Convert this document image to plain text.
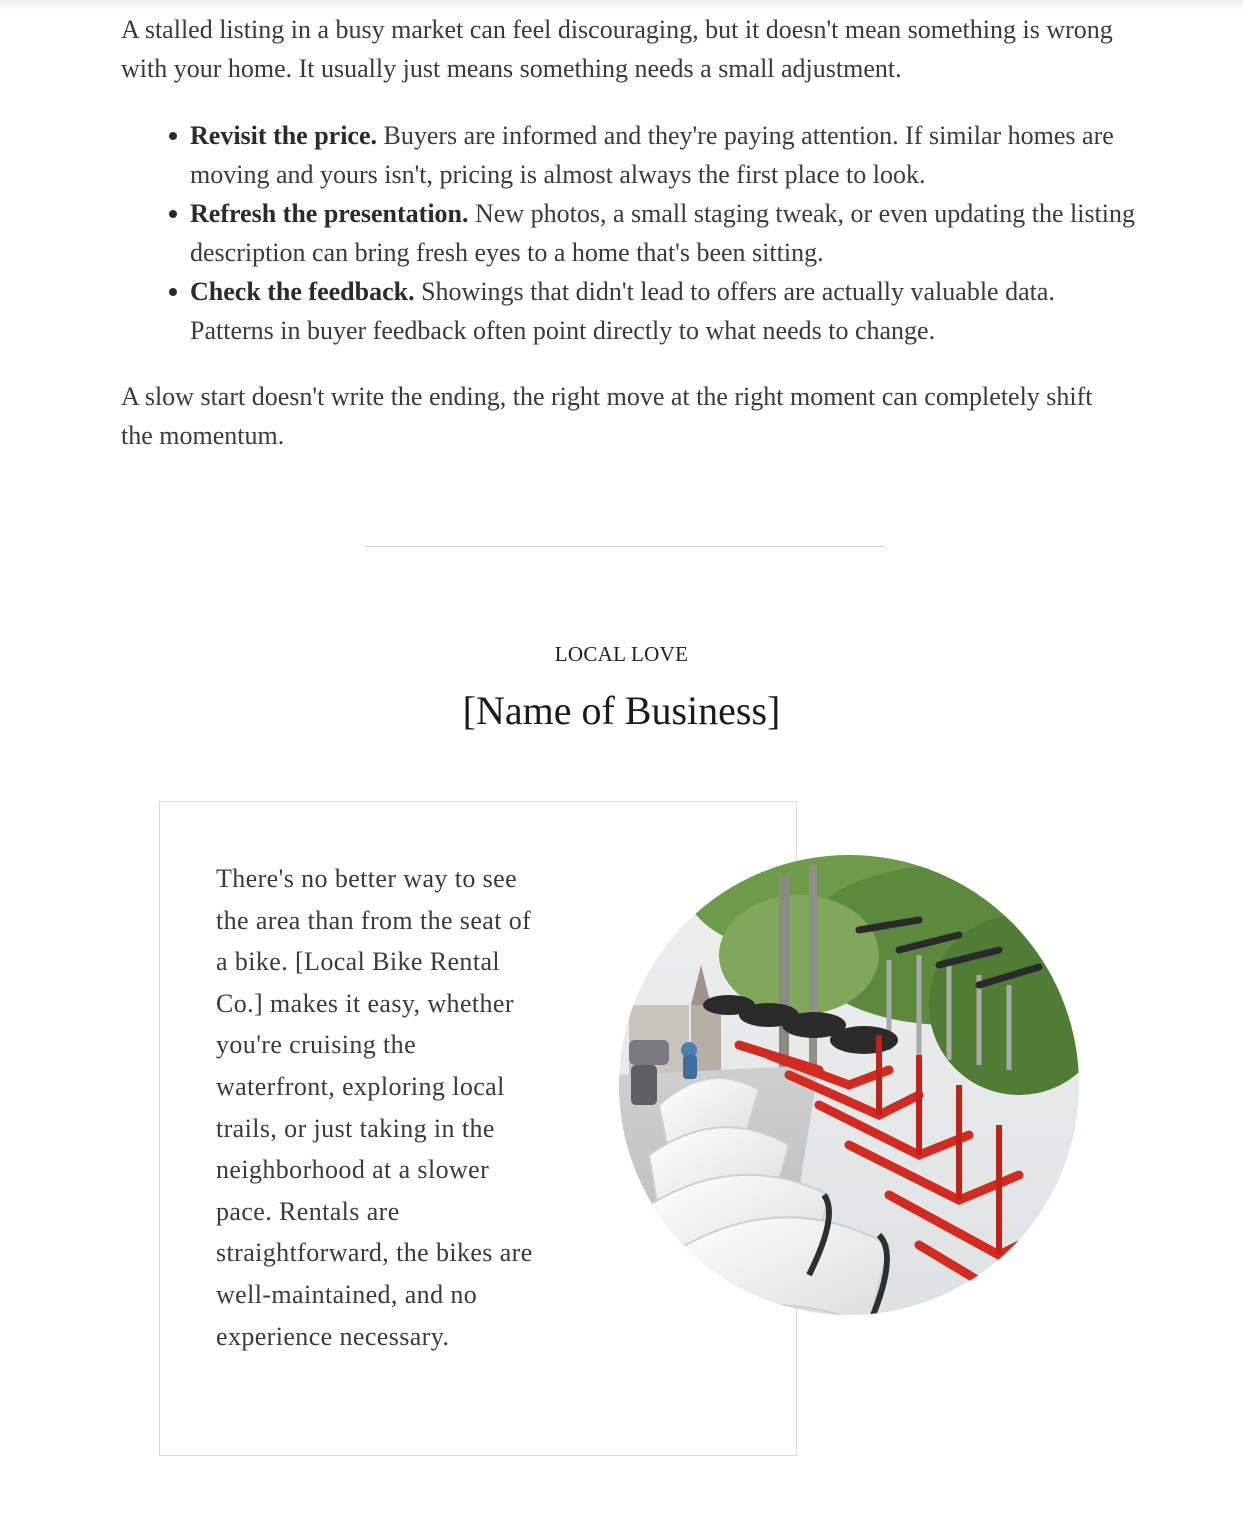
A stalled listing in a busy market can feel discouraging, but it doesn't mean something is wrong with your home. It usually just means something needs a small adjustment.

Revisit the price. Buyers are informed and they're paying attention. If similar homes are moving and yours isn't, pricing is almost always the first place to look.
Refresh the presentation. New photos, a small staging tweak, or even updating the listing description can bring fresh eyes to a home that's been sitting.
Check the feedback. Showings that didn't lead to offers are actually valuable data. Patterns in buyer feedback often point directly to what needs to change.

A slow start doesn't write the ending, the right move at the right moment can completely shift the momentum.

LOCAL LOVE
[Name of Business]

There's no better way to see the area than from the seat of a bike. [Local Bike Rental Co.] makes it easy, whether you're cruising the waterfront, exploring local trails, or just taking in the neighborhood at a slower pace. Rentals are straightforward, the bikes are well-maintained, and no experience necessary.
